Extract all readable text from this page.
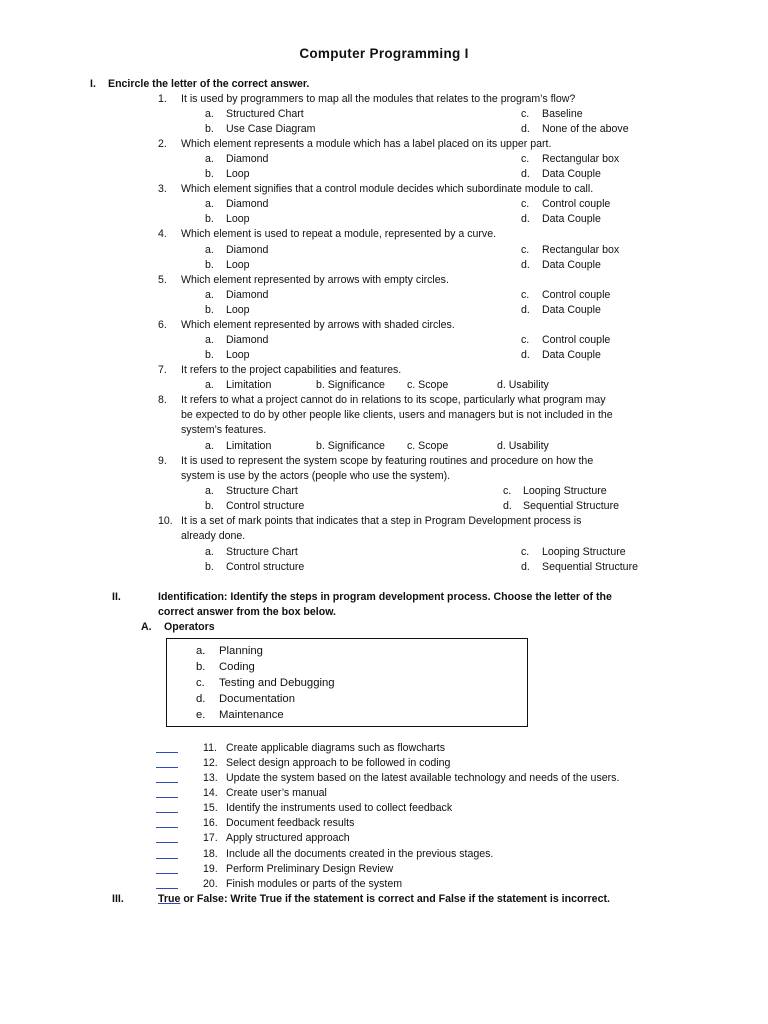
Computer Programming I
I. Encircle the letter of the correct answer.
1. It is used by programmers to map all the modules that relates to the program’s flow?
a. Structured Chart	c. Baseline
b. Use Case Diagram	d. None of the above
2. Which element represents a module which has a label placed on its upper part.
a. Diamond	c. Rectangular box
b. Loop	d. Data Couple
3. Which element signifies that a control module decides which subordinate module to call.
a. Diamond	c. Control couple
b. Loop	d. Data Couple
4. Which element is used to repeat a module, represented by a curve.
a. Diamond	c. Rectangular box
b. Loop	d. Data Couple
5. Which element represented by arrows with empty circles.
a. Diamond	c. Control couple
b. Loop	d. Data Couple
6. Which element represented by arrows with shaded circles.
a. Diamond	c. Control couple
b. Loop	d. Data Couple
7. It refers to the project capabilities and features.
a. Limitation	b. Significance c. Scope	d. Usability
8. It refers to what a project cannot do in relations to its scope, particularly what program may
be expected to do by other people like clients, users and managers but is not included in the
system’s features.
a. Limitation	b. Significance c. Scope	d. Usability
9. It is used to represent the system scope by featuring routines and procedure on how the
system is use by the actors (people who use the system).
a. Structure Chart	c. Looping Structure
b. Control structure	d. Sequential Structure
10. It is a set of mark points that indicates that a step in Program Development process is
already done.
a. Structure Chart	c. Looping Structure
b. Control structure	d. Sequential Structure
II.	Identification: Identify the steps in program development process. Choose the letter of the
correct answer from the box below.
A. Operators
a. Planning
b. Coding
c. Testing and Debugging
d. Documentation
e. Maintenance
11. Create applicable diagrams such as flowcharts
12. Select design approach to be followed in coding
13. Update the system based on the latest available technology and needs of the users.
14. Create user’s manual
15. Identify the instruments used to collect feedback
16. Document feedback results
17. Apply structured approach
18. Include all the documents created in the previous stages.
19. Perform Preliminary Design Review
20. Finish modules or parts of the system
III.	True or False: Write True if the statement is correct and False if the statement is incorrect.
